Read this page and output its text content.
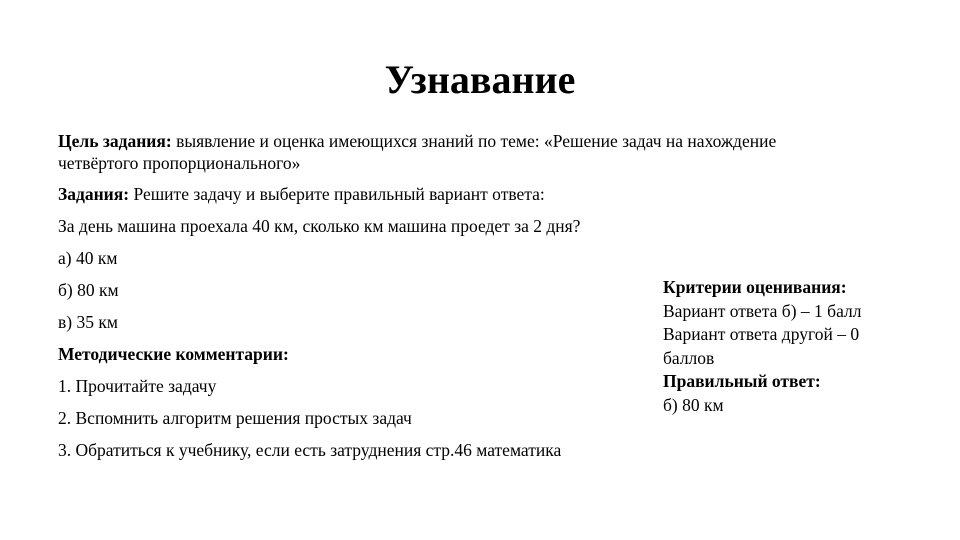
Узнавание

Цель задания: выявление и оценка имеющихся знаний по теме: «Решение задач на нахождение четвёртого пропорционального»

Задания: Решите задачу и выберите правильный вариант ответа:

За день машина проехала 40 км, сколько км машина проедет за 2 дня?

а) 40 км

б) 80 км

в) 35 км

Методические комментарии:

1. Прочитайте задачу

2. Вспомнить алгоритм решения простых задач

3. Обратиться к учебнику, если есть затруднения стр.46 математика

Критерии оценивания:

Вариант ответа б) – 1 балл

Вариант ответа другой – 0 баллов

Правильный ответ:

б) 80 км
